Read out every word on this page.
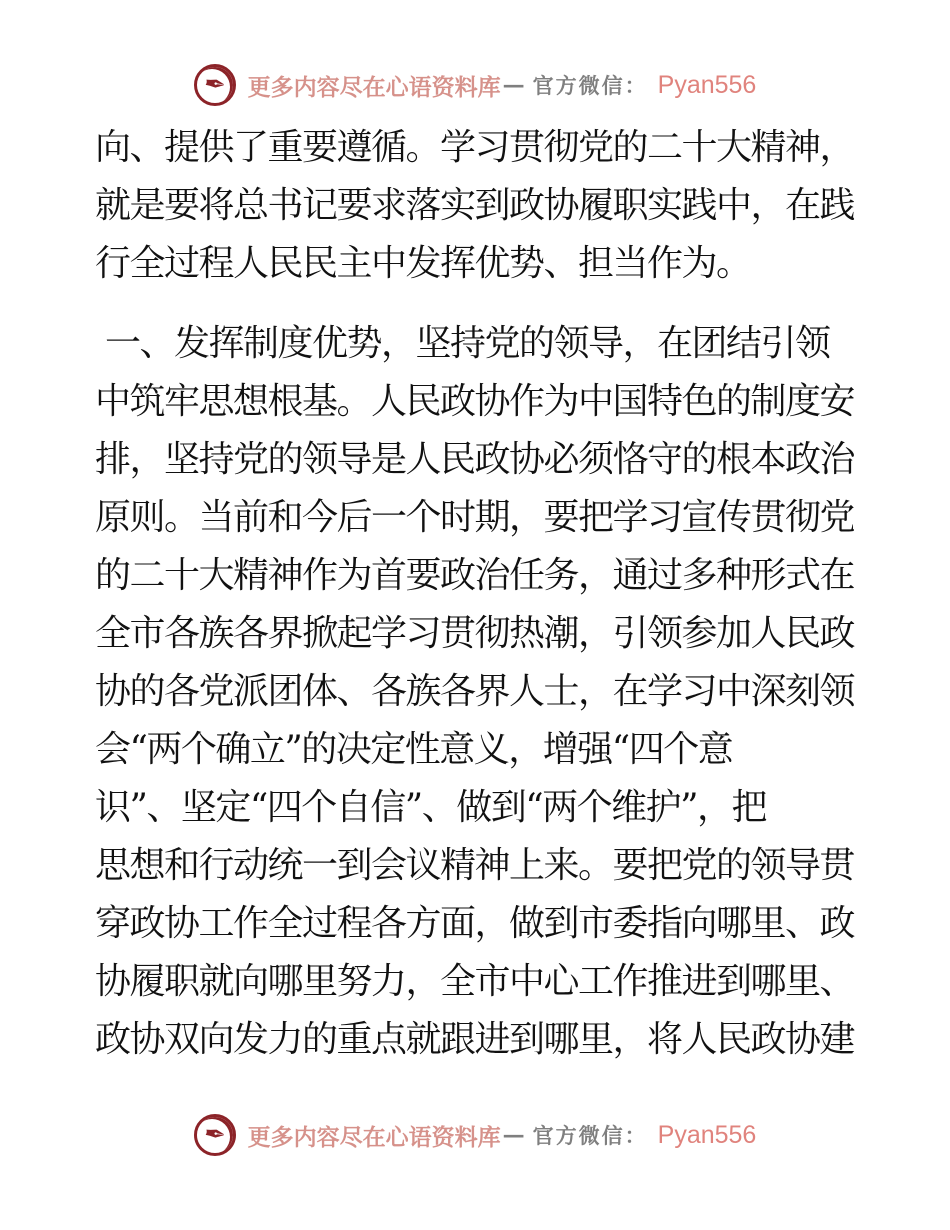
✒ 更多内容尽在心语资料库 — 官方微信： Pyan556
向、提供了重要遵循。学习贯彻党的二十大精神，
就是要将总书记要求落实到政协履职实践中，在践
行全过程人民民主中发挥优势、担当作为。
一、发挥制度优势，坚持党的领导，在团结引领
中筑牢思想根基。人民政协作为中国特色的制度安
排，坚持党的领导是人民政协必须恪守的根本政治
原则。当前和今后一个时期，要把学习宣传贯彻党
的二十大精神作为首要政治任务，通过多种形式在
全市各族各界掀起学习贯彻热潮，引领参加人民政
协的各党派团体、各族各界人士，在学习中深刻领
会“两个确立”的决定性意义，增强“四个意
识”、坚定“四个自信”、做到“两个维护”，把
思想和行动统一到会议精神上来。要把党的领导贯
穿政协工作全过程各方面，做到市委指向哪里、政
协履职就向哪里努力，全市中心工作推进到哪里、
政协双向发力的重点就跟进到哪里，将人民政协建
✒ 更多内容尽在心语资料库 — 官方微信： Pyan556
